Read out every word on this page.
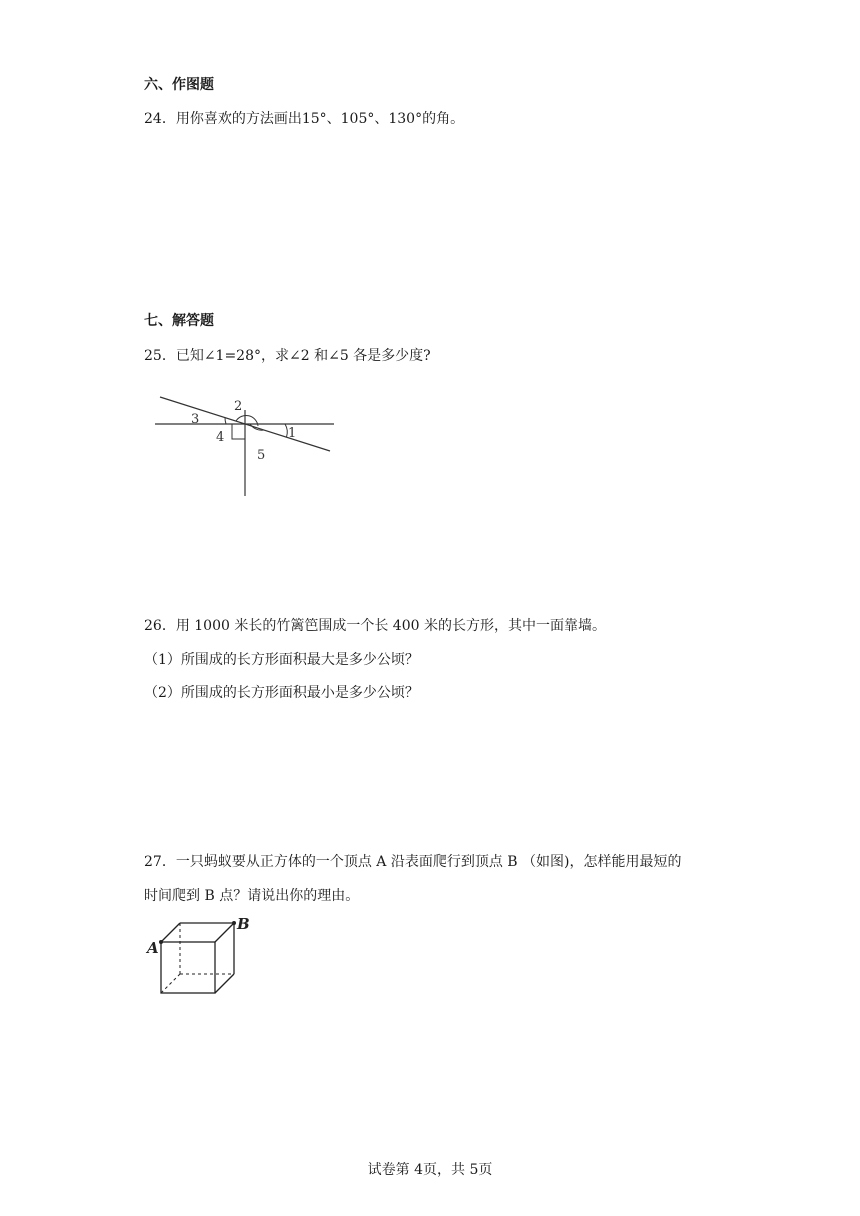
六、作图题
24．用你喜欢的方法画出15°、105°、130°的角。
七、解答题
25．已知∠1=28°，求∠2 和∠5 各是多少度?
3
2
4
5
1
26．用 1000 米长的竹篱笆围成一个长 400 米的长方形，其中一面靠墙。
（1）所围成的长方形面积最大是多少公顷？
（2）所围成的长方形面积最小是多少公顷？
27．一只蚂蚁要从正方体的一个顶点 A 沿表面爬行到顶点 B （如图)，怎样能用最短的
时间爬到 B 点？请说出你的理由。
A
B
试卷第 4页，共 5页
